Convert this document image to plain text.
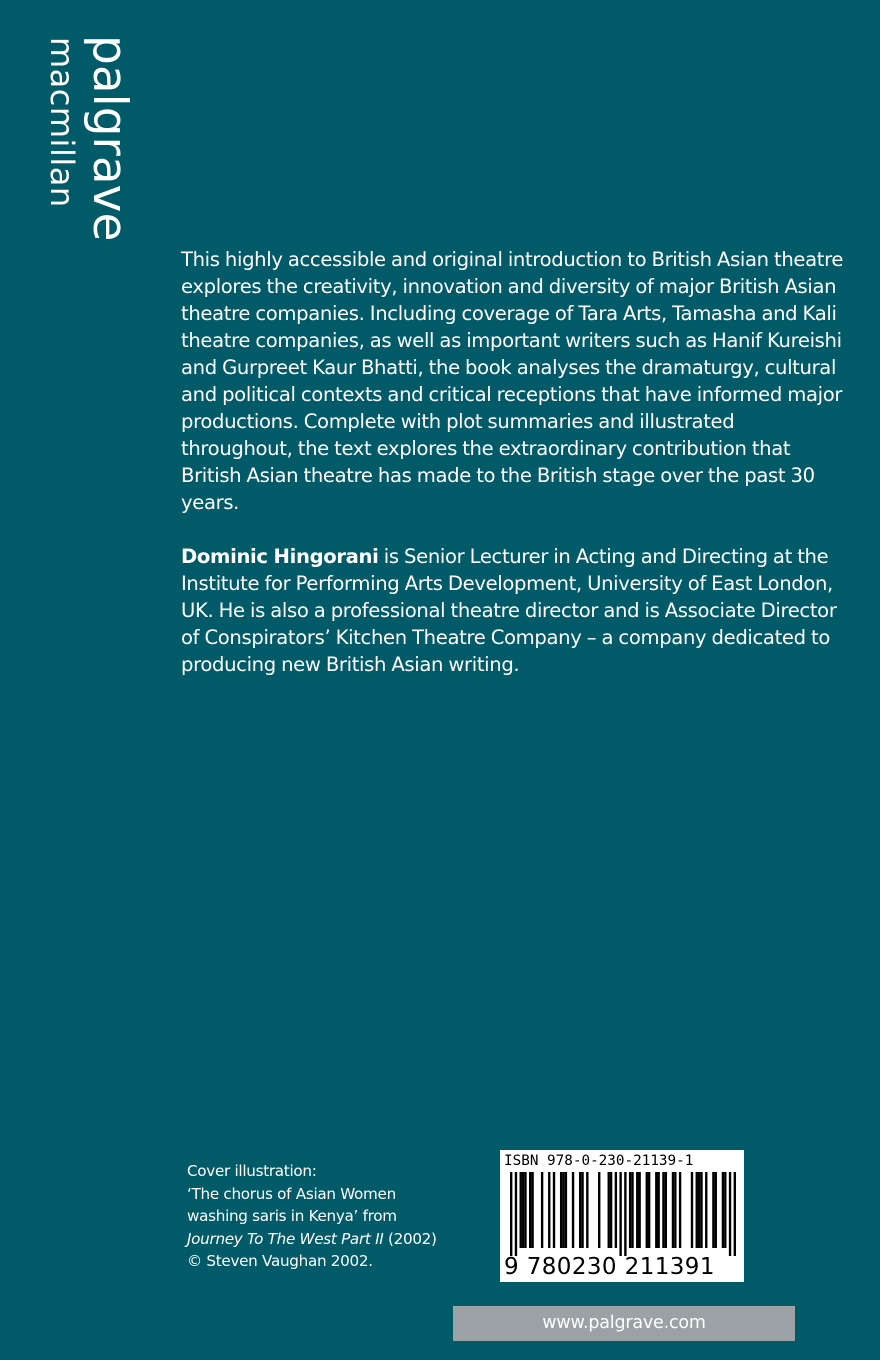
palgrave
macmillan

This highly accessible and original introduction to British Asian theatre explores the creativity, innovation and diversity of major British Asian theatre companies. Including coverage of Tara Arts, Tamasha and Kali theatre companies, as well as important writers such as Hanif Kureishi and Gurpreet Kaur Bhatti, the book analyses the dramaturgy, cultural and political contexts and critical receptions that have informed major productions. Complete with plot summaries and illustrated throughout, the text explores the extraordinary contribution that British Asian theatre has made to the British stage over the past 30 years.

Dominic Hingorani is Senior Lecturer in Acting and Directing at the Institute for Performing Arts Development, University of East London, UK. He is also a professional theatre director and is Associate Director of Conspirators’ Kitchen Theatre Company – a company dedicated to producing new British Asian writing.

Cover illustration:
‘The chorus of Asian Women
washing saris in Kenya’ from
Journey To The West Part II (2002)
© Steven Vaughan 2002.
ISBN 978-0-230-21139-1
9 780230 211391
www.palgrave.com
